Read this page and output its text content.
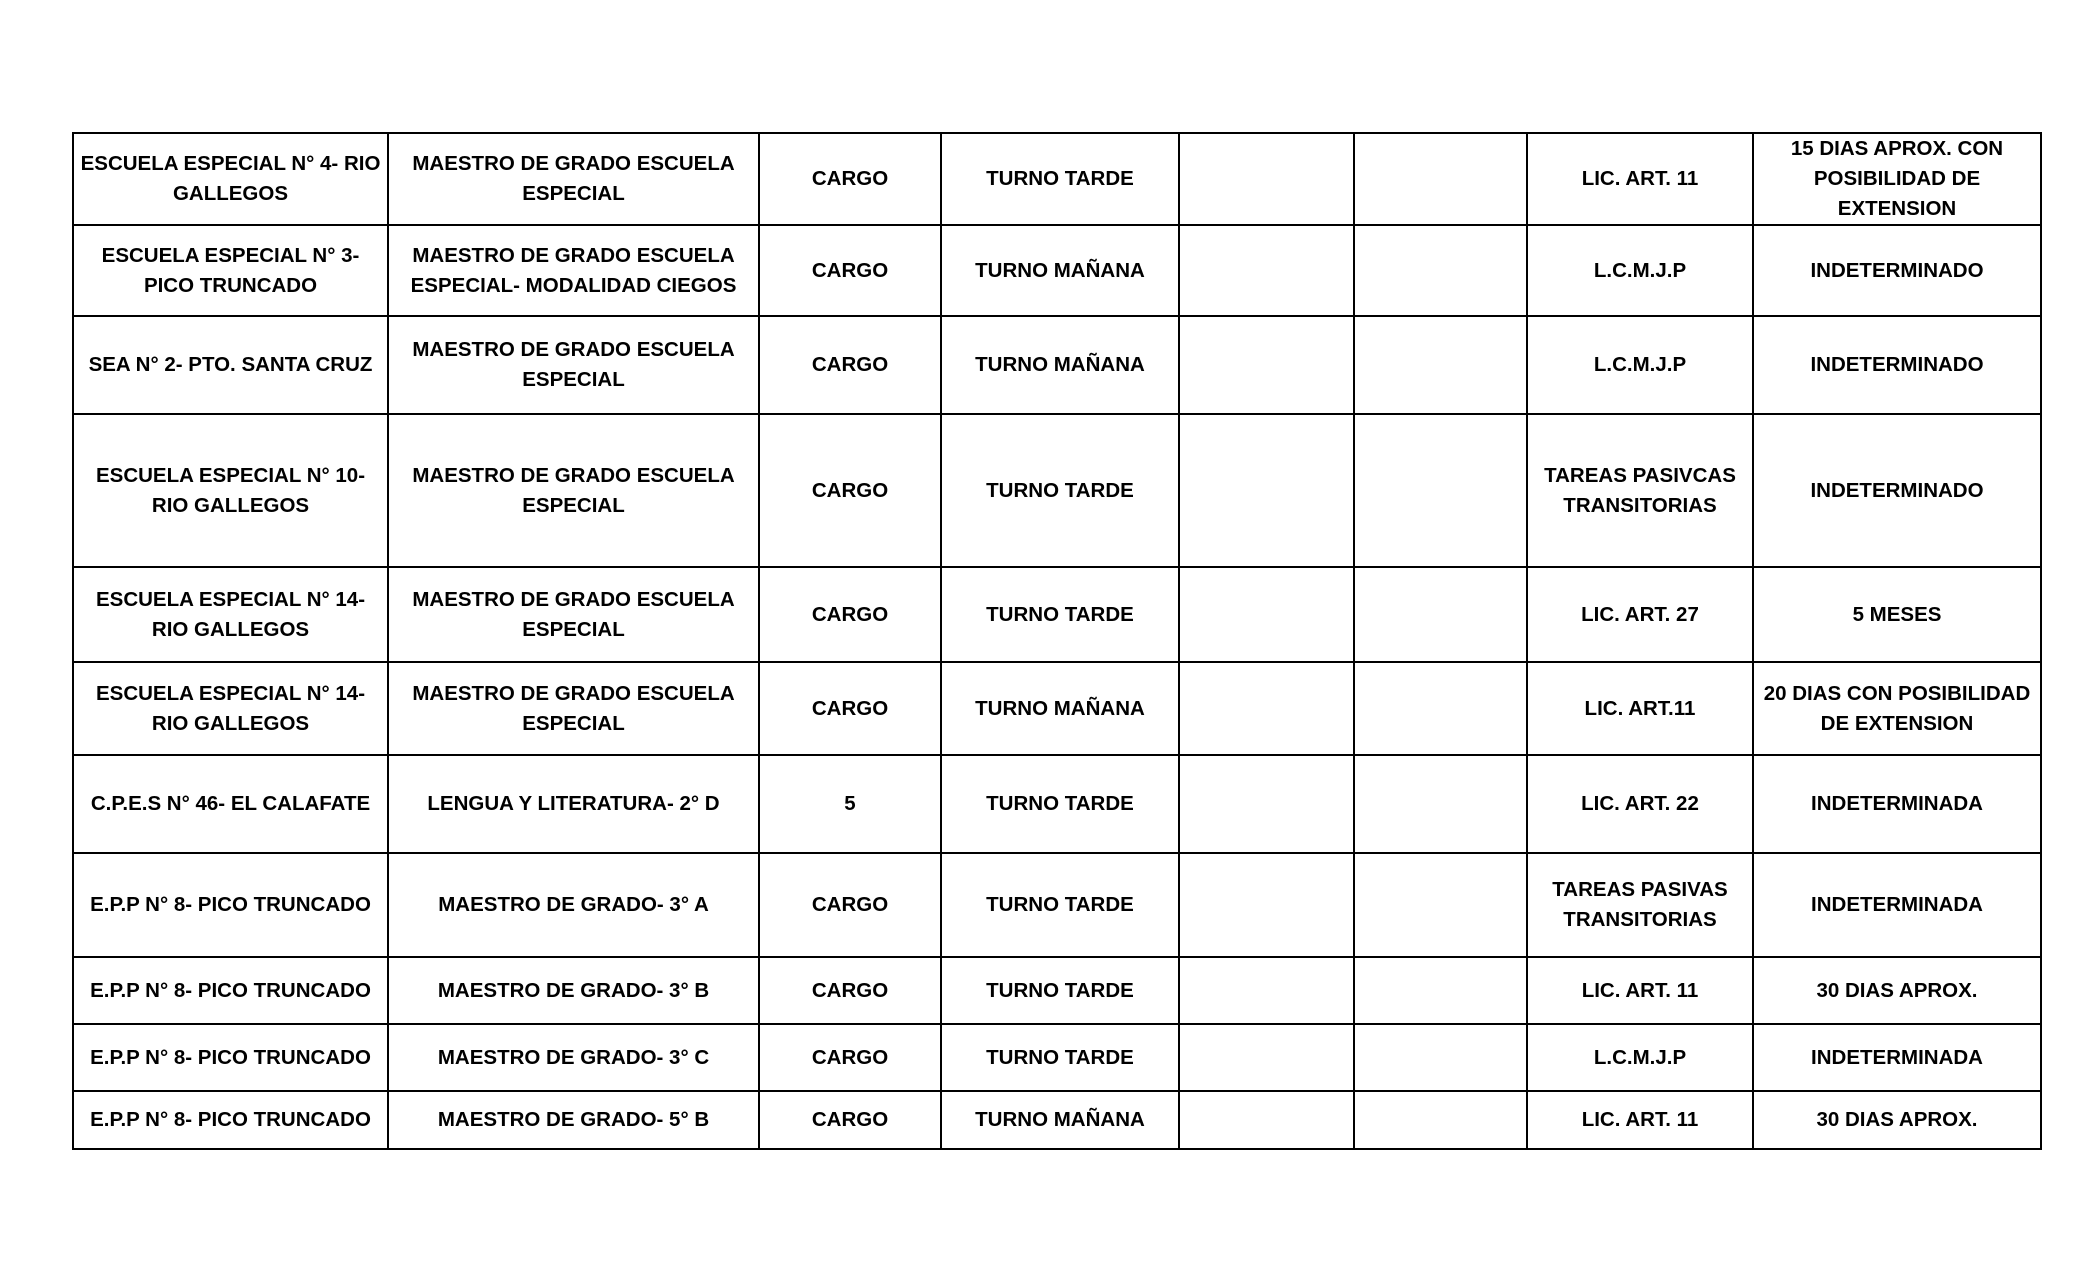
ESCUELA ESPECIAL N° 4- RIO GALLEGOS	MAESTRO DE GRADO ESCUELA ESPECIAL	CARGO	TURNO TARDE			LIC. ART. 11	15 DIAS APROX. CON POSIBILIDAD DE EXTENSION
ESCUELA ESPECIAL N° 3- PICO TRUNCADO	MAESTRO DE GRADO ESCUELA ESPECIAL- MODALIDAD CIEGOS	CARGO	TURNO MAÑANA			L.C.M.J.P	INDETERMINADO
SEA N° 2- PTO. SANTA CRUZ	MAESTRO DE GRADO ESCUELA ESPECIAL	CARGO	TURNO MAÑANA			L.C.M.J.P	INDETERMINADO
ESCUELA ESPECIAL N° 10- RIO GALLEGOS	MAESTRO DE GRADO ESCUELA ESPECIAL	CARGO	TURNO TARDE			TAREAS PASIVCAS TRANSITORIAS	INDETERMINADO
ESCUELA ESPECIAL N° 14- RIO GALLEGOS	MAESTRO DE GRADO ESCUELA ESPECIAL	CARGO	TURNO TARDE			LIC. ART. 27	5 MESES
ESCUELA ESPECIAL N° 14- RIO GALLEGOS	MAESTRO DE GRADO ESCUELA ESPECIAL	CARGO	TURNO MAÑANA			LIC. ART.11	20 DIAS CON POSIBILIDAD DE EXTENSION
C.P.E.S N° 46- EL CALAFATE	LENGUA Y LITERATURA- 2° D	5	TURNO TARDE			LIC. ART. 22	INDETERMINADA
E.P.P N° 8- PICO TRUNCADO	MAESTRO DE GRADO- 3° A	CARGO	TURNO TARDE			TAREAS PASIVAS TRANSITORIAS	INDETERMINADA
E.P.P N° 8- PICO TRUNCADO	MAESTRO DE GRADO- 3° B	CARGO	TURNO TARDE			LIC. ART. 11	30 DIAS APROX.
E.P.P N° 8- PICO TRUNCADO	MAESTRO DE GRADO- 3° C	CARGO	TURNO TARDE			L.C.M.J.P	INDETERMINADA
E.P.P N° 8- PICO TRUNCADO	MAESTRO DE GRADO- 5° B	CARGO	TURNO MAÑANA			LIC. ART. 11	30 DIAS APROX.
